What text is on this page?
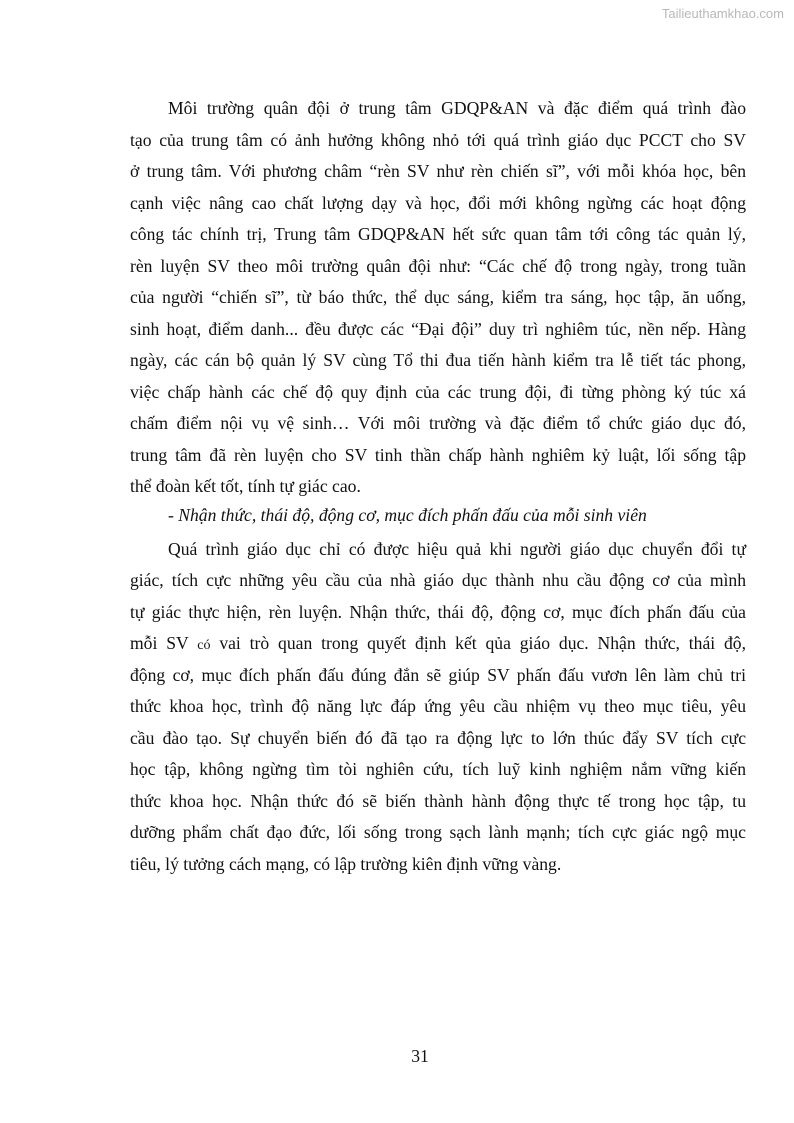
Tailieuthamkhao.com
Môi trường quân đội ở trung tâm GDQP&AN và đặc điểm quá trình đào
tạo của trung tâm có ảnh hưởng không nhỏ tới quá trình giáo dục PCCT cho SV
ở trung tâm. Với phương châm “rèn SV như rèn chiến sĩ”, với mỗi khóa học, bên
cạnh việc nâng cao chất lượng dạy và học, đổi mới không ngừng các hoạt động
công tác chính trị, Trung tâm GDQP&AN hết sức quan tâm tới công tác quản lý,
rèn luyện SV theo môi trường quân đội như: “Các chế độ trong ngày, trong tuần
của người “chiến sĩ”, từ báo thức, thể dục sáng, kiểm tra sáng, học tập, ăn uống,
sinh hoạt, điểm danh... đều được các “Đại đội” duy trì nghiêm túc, nền nếp. Hàng
ngày, các cán bộ quản lý SV cùng Tổ thi đua tiến hành kiểm tra lễ tiết tác phong,
việc chấp hành các chế độ quy định của các trung đội, đi từng phòng ký túc xá
chấm điểm nội vụ vệ sinh… Với môi trường và đặc điểm tổ chức giáo dục đó,
trung tâm đã rèn luyện cho SV tinh thần chấp hành nghiêm kỷ luật, lối sống tập
thể đoàn kết tốt, tính tự giác cao.
- Nhận thức, thái độ, động cơ, mục đích phấn đấu của mỗi sinh viên
Quá trình giáo dục chỉ có được hiệu quả khi người giáo dục chuyển đổi tự
giác, tích cực những yêu cầu của nhà giáo dục thành nhu cầu động cơ của mình
tự giác thực hiện, rèn luyện. Nhận thức, thái độ, động cơ, mục đích phấn đấu của
mỗi SV có vai trò quan trong quyết định kết qủa giáo dục. Nhận thức, thái độ,
động cơ, mục đích phấn đấu đúng đắn sẽ giúp SV phấn đấu vươn lên làm chủ tri
thức khoa học, trình độ năng lực đáp ứng yêu cầu nhiệm vụ theo mục tiêu, yêu
cầu đào tạo. Sự chuyển biến đó đã tạo ra động lực to lớn thúc đẩy SV tích cực
học tập, không ngừng tìm tòi nghiên cứu, tích luỹ kinh nghiệm nắm vững kiến
thức khoa học. Nhận thức đó sẽ biến thành hành động thực tế trong học tập, tu
dưỡng phẩm chất đạo đức, lối sống trong sạch lành mạnh; tích cực giác ngộ mục
tiêu, lý tưởng cách mạng, có lập trường kiên định vững vàng.
31
